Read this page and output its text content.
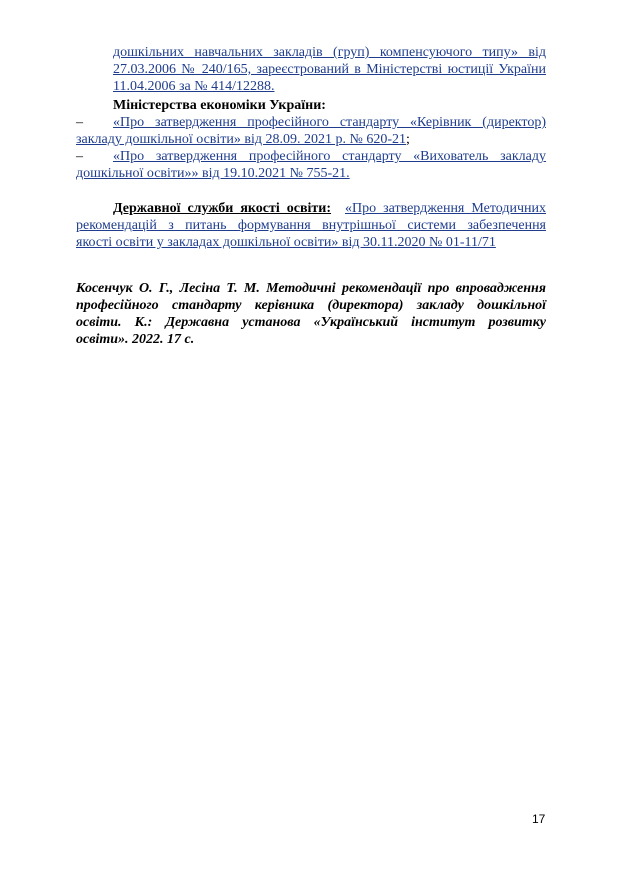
дошкільних навчальних закладів (груп) компенсуючого типу» від
27.03.2006 № 240/165, зареєстрований в Міністерстві юстиції України
11.04.2006 за № 414/12288.
Міністерства економіки України:
–	«Про затвердження професійного стандарту «Керівник (директор)
закладу дошкільної освіти» від 28.09. 2021 р. № 620-21;
–	«Про затвердження професійного стандарту «Вихователь закладу
дошкільної освіти»» від 19.10.2021 № 755-21.
Державної служби якості освіти: «Про затвердження Методичних
рекомендацій з питань формування внутрішньої системи забезпечення
якості освіти у закладах дошкільної освіти» від 30.11.2020 № 01-11/71
Косенчук О. Г., Лесіна Т. М. Методичні рекомендації про впровадження
професійного стандарту керівника (директора) закладу дошкільної
освіти. К.: Державна установа «Український інститут розвитку
освіти». 2022. 17 с.
17
